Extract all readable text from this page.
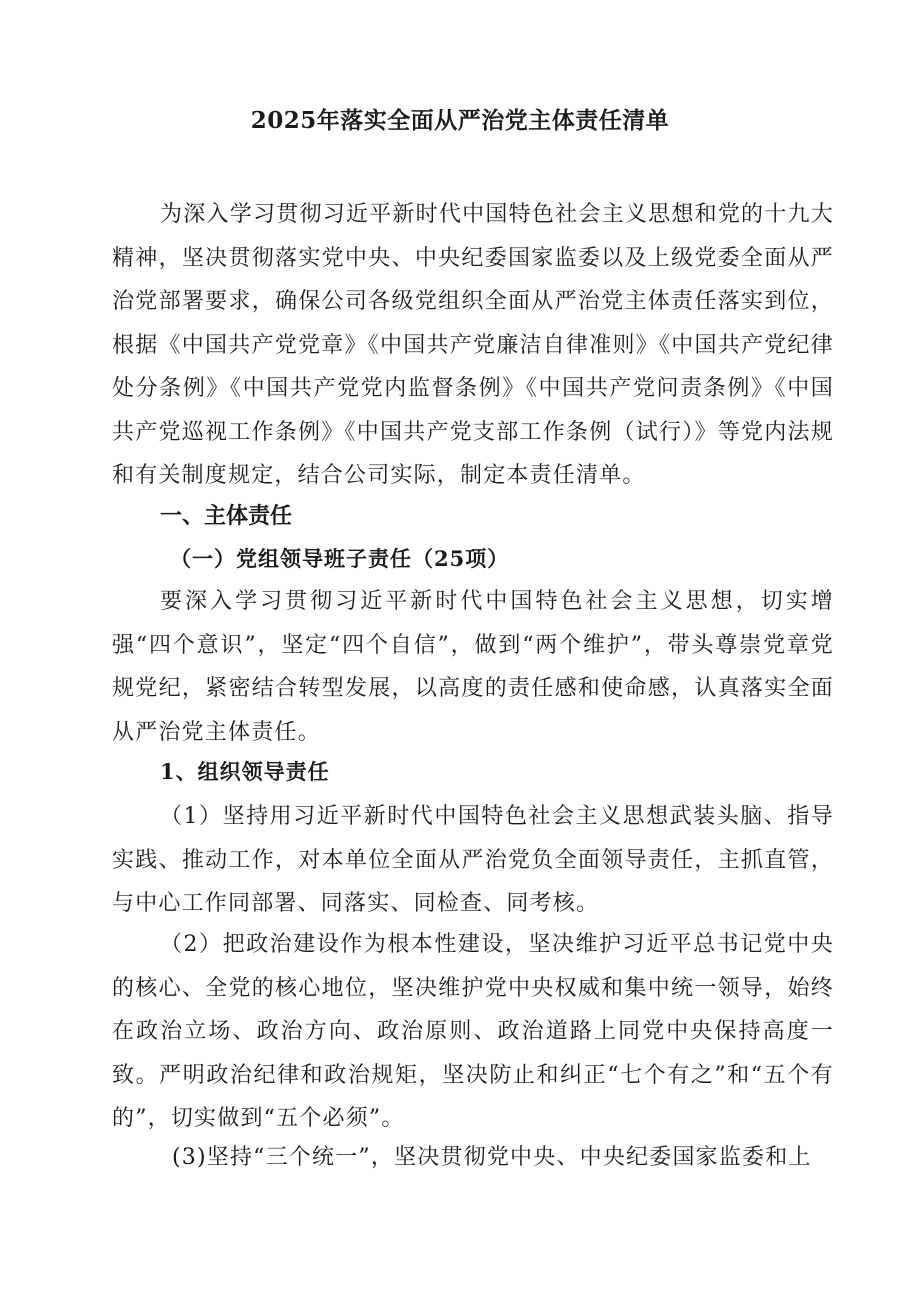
2025年落实全面从严治党主体责任清单

为深入学习贯彻习近平新时代中国特色社会主义思想和党的十九大精神，坚决贯彻落实党中央、中央纪委国家监委以及上级党委全面从严治党部署要求，确保公司各级党组织全面从严治党主体责任落实到位，根据《中国共产党党章》《中国共产党廉洁自律准则》《中国共产党纪律处分条例》《中国共产党党内监督条例》《中国共产党问责条例》《中国共产党巡视工作条例》《中国共产党支部工作条例（试行）》等党内法规和有关制度规定，结合公司实际，制定本责任清单。

一、主体责任
（一）党组领导班子责任（25项）

要深入学习贯彻习近平新时代中国特色社会主义思想，切实增强“四个意识”，坚定“四个自信”，做到“两个维护”，带头尊崇党章党规党纪，紧密结合转型发展，以高度的责任感和使命感，认真落实全面从严治党主体责任。

1、组织领导责任

（1）坚持用习近平新时代中国特色社会主义思想武装头脑、指导实践、推动工作，对本单位全面从严治党负全面领导责任，主抓直管，与中心工作同部署、同落实、同检查、同考核。

（2）把政治建设作为根本性建设，坚决维护习近平总书记党中央的核心、全党的核心地位，坚决维护党中央权威和集中统一领导，始终在政治立场、政治方向、政治原则、政治道路上同党中央保持高度一致。严明政治纪律和政治规矩，坚决防止和纠正“七个有之”和“五个有的”，切实做到“五个必须”。

(3)坚持“三个统一”，坚决贯彻党中央、中央纪委国家监委和上
